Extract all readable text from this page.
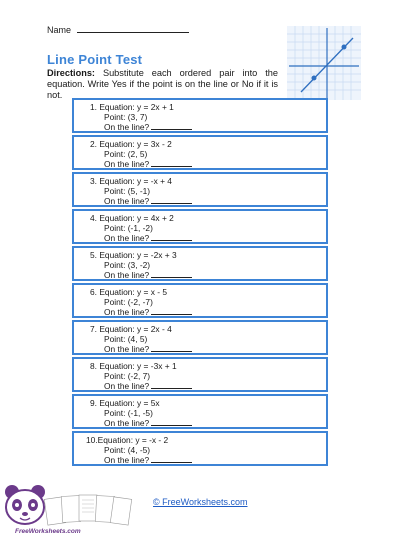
Name
Line Point Test
Directions: Substitute each ordered pair into the equation. Write Yes if the point is on the line or No if it is not.
1. Equation: y = 2x + 1
Point: (3, 7)
On the line?
2. Equation: y = 3x - 2
Point: (2, 5)
On the line?
3. Equation: y = -x + 4
Point: (5, -1)
On the line?
4. Equation: y = 4x + 2
Point: (-1, -2)
On the line?
5. Equation: y = -2x + 3
Point: (3, -2)
On the line?
6. Equation: y = x - 5
Point: (-2, -7)
On the line?
7. Equation: y = 2x - 4
Point: (4, 5)
On the line?
8. Equation: y = -3x + 1
Point: (-2, 7)
On the line?
9. Equation: y = 5x
Point: (-1, -5)
On the line?
10.Equation: y = -x - 2
Point: (4, -5)
On the line?
FreeWorksheets.com
© FreeWorksheets.com
